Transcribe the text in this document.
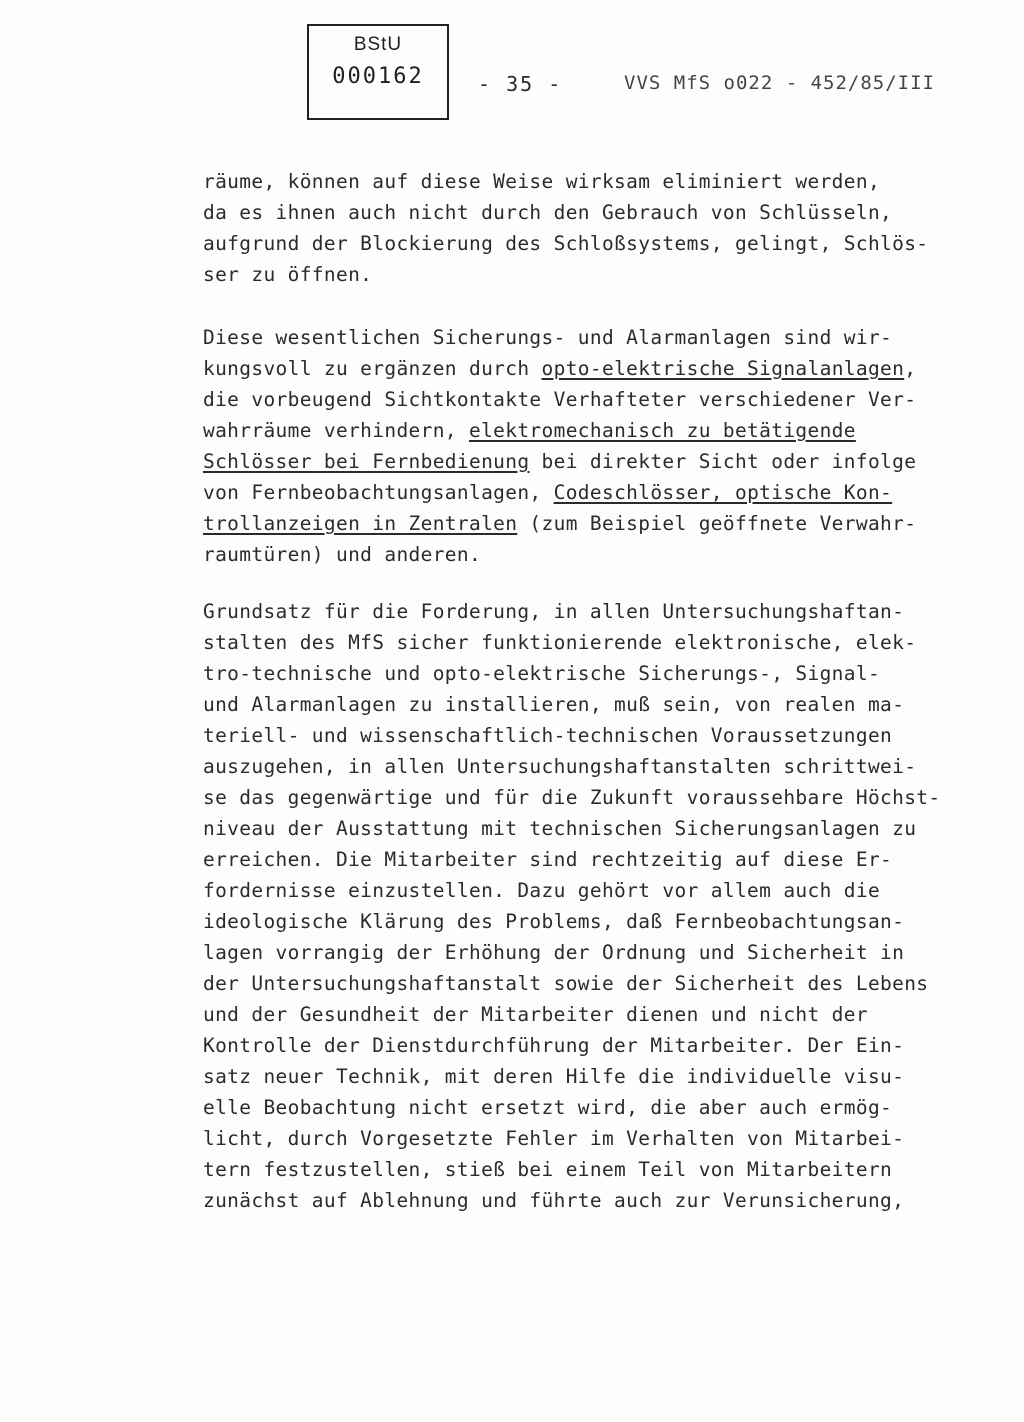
BStU
000162	- 35 -	VVS MfS o022 - 452/85/III
räume, können auf diese Weise wirksam eliminiert werden,
da es ihnen auch nicht durch den Gebrauch von Schlüsseln,
aufgrund der Blockierung des Schloßsystems, gelingt, Schlös-
ser zu öffnen.
Diese wesentlichen Sicherungs- und Alarmanlagen sind wir-
kungsvoll zu ergänzen durch opto-elektrische Signalanlagen,
die vorbeugend Sichtkontakte Verhafteter verschiedener Ver-
wahrräume verhindern, elektromechanisch zu betätigende
Schlösser bei Fernbedienung bei direkter Sicht oder infolge
von Fernbeobachtungsanlagen, Codeschlösser, optische Kon-
trollanzeigen in Zentralen (zum Beispiel geöffnete Verwahr-
raumtüren) und anderen.
Grundsatz für die Forderung, in allen Untersuchungshaftan-
stalten des MfS sicher funktionierende elektronische, elek-
tro-technische und opto-elektrische Sicherungs-, Signal-
und Alarmanlagen zu installieren, muß sein, von realen ma-
teriell- und wissenschaftlich-technischen Voraussetzungen
auszugehen, in allen Untersuchungshaftanstalten schrittwei-
se das gegenwärtige und für die Zukunft voraussehbare Höchst-
niveau der Ausstattung mit technischen Sicherungsanlagen zu
erreichen. Die Mitarbeiter sind rechtzeitig auf diese Er-
fordernisse einzustellen. Dazu gehört vor allem auch die
ideologische Klärung des Problems, daß Fernbeobachtungsan-
lagen vorrangig der Erhöhung der Ordnung und Sicherheit in
der Untersuchungshaftanstalt sowie der Sicherheit des Lebens
und der Gesundheit der Mitarbeiter dienen und nicht der
Kontrolle der Dienstdurchführung der Mitarbeiter. Der Ein-
satz neuer Technik, mit deren Hilfe die individuelle visu-
elle Beobachtung nicht ersetzt wird, die aber auch ermög-
licht, durch Vorgesetzte Fehler im Verhalten von Mitarbei-
tern festzustellen, stieß bei einem Teil von Mitarbeitern
zunächst auf Ablehnung und führte auch zur Verunsicherung,
